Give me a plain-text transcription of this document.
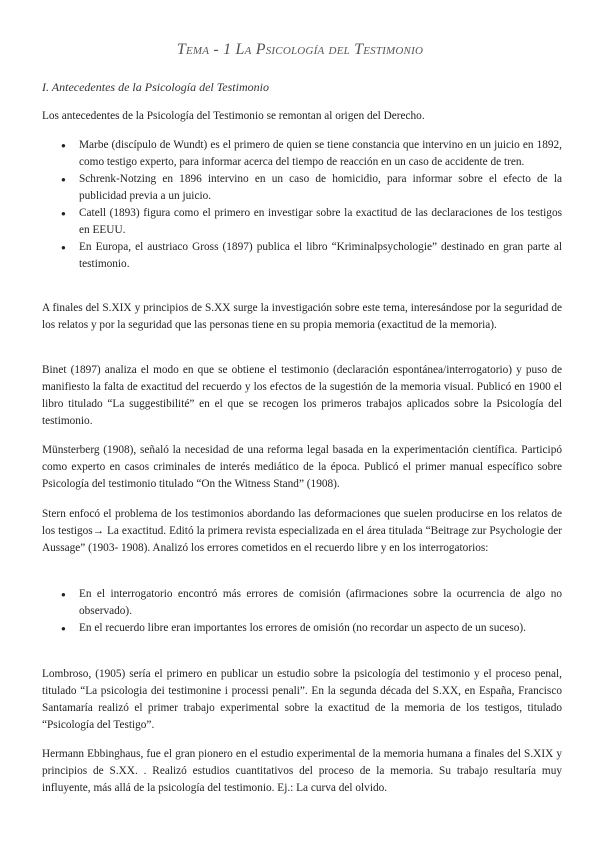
Tema - 1 La Psicología del Testimonio
I. Antecedentes de la Psicología del Testimonio

Los antecedentes de la Psicología del Testimonio se remontan al origen del Derecho.

● Marbe (discípulo de Wundt) es el primero de quien se tiene constancia que intervino en un juicio en 1892, como testigo experto, para informar acerca del tiempo de reacción en un caso de accidente de tren.
● Schrenk-Notzing en 1896 intervino en un caso de homicidio, para informar sobre el efecto de la publicidad previa a un juicio.
● Catell (1893) figura como el primero en investigar sobre la exactitud de las declaraciones de los testigos en EEUU.
● En Europa, el austriaco Gross (1897) publica el libro “Kriminalpsychologie” destinado en gran parte al testimonio.

A finales del S.XIX y principios de S.XX surge la investigación sobre este tema, interesándose por la seguridad de los relatos y por la seguridad que las personas tiene en su propia memoria (exactitud de la memoria).

Binet (1897) analiza el modo en que se obtiene el testimonio (declaración espontánea/interrogatorio) y puso de manifiesto la falta de exactitud del recuerdo y los efectos de la sugestión de la memoria visual. Publicó en 1900 el libro titulado “La suggestibilité” en el que se recogen los primeros trabajos aplicados sobre la Psicología del testimonio.

Münsterberg (1908), señaló la necesidad de una reforma legal basada en la experimentación científica. Participó como experto en casos criminales de interés mediático de la época. Publicó el primer manual específico sobre Psicología del testimonio titulado “On the Witness Stand” (1908).

Stern enfocó el problema de los testimonios abordando las deformaciones que suelen producirse en los relatos de los testigos→ La exactitud. Editó la primera revista especializada en el área titulada “Beitrage zur Psychologie der Aussage” (1903- 1908). Analizó los errores cometidos en el recuerdo libre y en los interrogatorios:

● En el interrogatorio encontró más errores de comisión (afirmaciones sobre la ocurrencia de algo no observado).
● En el recuerdo libre eran importantes los errores de omisión (no recordar un aspecto de un suceso).

Lombroso, (1905) sería el primero en publicar un estudio sobre la psicología del testimonio y el proceso penal, titulado “La psicologia dei testimonine i processi penali”. En la segunda década del S.XX, en España, Francisco Santamaría realizó el primer trabajo experimental sobre la exactitud de la memoria de los testigos, titulado “Psicología del Testigo”.

Hermann Ebbinghaus, fue el gran pionero en el estudio experimental de la memoria humana a finales del S.XIX y principios de S.XX. . Realizó estudios cuantitativos del proceso de la memoria. Su trabajo resultaría muy influyente, más allá de la psicología del testimonio. Ej.: La curva del olvido.
